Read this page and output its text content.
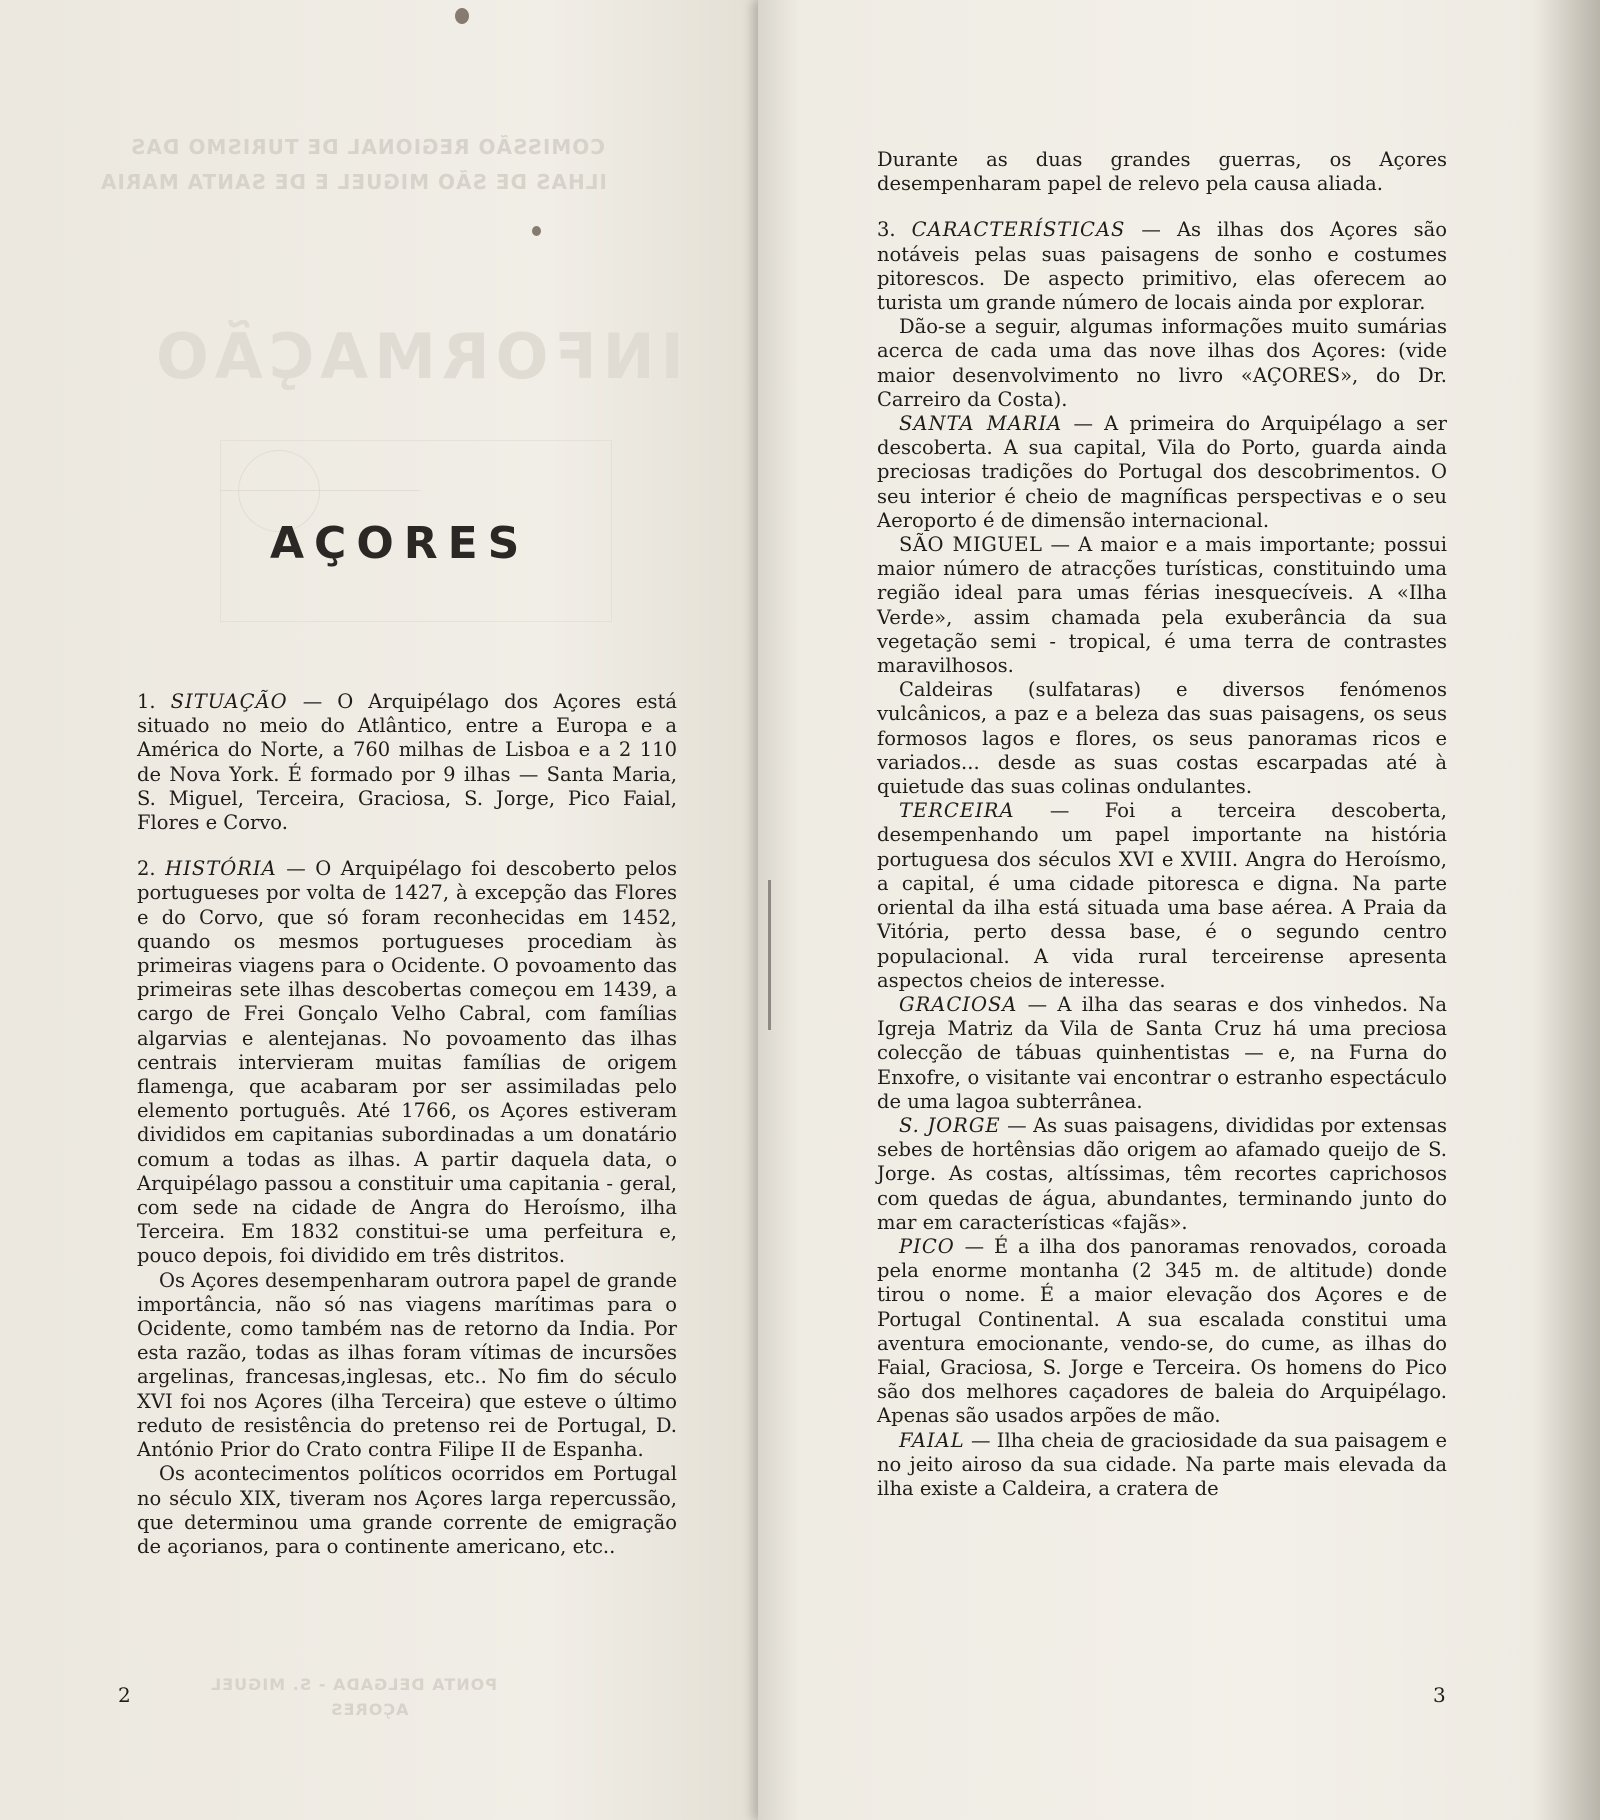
COMISSÃO REGIONAL DE TURISMO DAS
ILHAS DE SÃO MIGUEL E DE SANTA MARIA
INFORMAÇÃO
PONTA DELGADA - S. MIGUEL
AÇORES
AÇORES

1. SITUAÇÃO — O Arquipélago dos Açores está situado no meio do Atlântico, entre a Europa e a América do Norte, a 760 milhas de Lisboa e a 2 110 de Nova York. É formado por 9 ilhas — Santa Maria, S. Miguel, Terceira, Graciosa, S. Jorge, Pico Faial, Flores e Corvo.

2. HISTÓRIA — O Arquipélago foi descoberto pelos portugueses por volta de 1427, à excepção das Flores e do Corvo, que só foram reconhecidas em 1452, quando os mesmos portugueses procediam às primeiras viagens para o Ocidente. O povoamento das primeiras sete ilhas descobertas começou em 1439, a cargo de Frei Gonçalo Velho Cabral, com famílias algarvias e alentejanas. No povoamento das ilhas centrais intervieram muitas famílias de origem flamenga, que acabaram por ser assimiladas pelo elemento português. Até 1766, os Açores estiveram divididos em capitanias subordinadas a um donatário comum a todas as ilhas. A partir daquela data, o Arquipélago passou a constituir uma capitania - geral, com sede na cidade de Angra do Heroísmo, ilha Terceira. Em 1832 constitui-se uma perfeitura e, pouco depois, foi dividido em três distritos.

Os Açores desempenharam outrora papel de grande importância, não só nas viagens marítimas para o Ocidente, como também nas de retorno da India. Por esta razão, todas as ilhas foram vítimas de incursões argelinas, francesas,inglesas, etc.. No fim do século XVI foi nos Açores (ilha Terceira) que esteve o último reduto de resistência do pretenso rei de Portugal, D. António Prior do Crato contra Filipe II de Espanha.

Os acontecimentos políticos ocorridos em Portugal no século XIX, tiveram nos Açores larga repercussão, que determinou uma grande corrente de emigração de açorianos, para o continente americano, etc..

2

Durante as duas grandes guerras, os Açores desempenharam papel de relevo pela causa aliada.

3. CARACTERÍSTICAS — As ilhas dos Açores são notáveis pelas suas paisagens de sonho e costumes pitorescos. De aspecto primitivo, elas oferecem ao turista um grande número de locais ainda por explorar.

Dão-se a seguir, algumas informações muito sumárias acerca de cada uma das nove ilhas dos Açores: (vide maior desenvolvimento no livro «AÇORES», do Dr. Carreiro da Costa).

SANTA MARIA — A primeira do Arquipélago a ser descoberta. A sua capital, Vila do Porto, guarda ainda preciosas tradições do Portugal dos descobrimentos. O seu interior é cheio de magníficas perspectivas e o seu Aeroporto é de dimensão internacional.

SÃO MIGUEL — A maior e a mais importante; possui maior número de atracções turísticas, constituindo uma região ideal para umas férias inesquecíveis. A «Ilha Verde», assim chamada pela exuberância da sua vegetação semi - tropical, é uma terra de contrastes maravilhosos.

Caldeiras (sulfataras) e diversos fenómenos vulcânicos, a paz e a beleza das suas paisagens, os seus formosos lagos e flores, os seus panoramas ricos e variados... desde as suas costas escarpadas até à quietude das suas colinas ondulantes.

TERCEIRA — Foi a terceira descoberta, desempenhando um papel importante na história portuguesa dos séculos XVI e XVIII. Angra do Heroísmo, a capital, é uma cidade pitoresca e digna. Na parte oriental da ilha está situada uma base aérea. A Praia da Vitória, perto dessa base, é o segundo centro populacional. A vida rural terceirense apresenta aspectos cheios de interesse.

GRACIOSA — A ilha das searas e dos vinhedos. Na Igreja Matriz da Vila de Santa Cruz há uma preciosa colecção de tábuas quinhentistas — e, na Furna do Enxofre, o visitante vai encontrar o estranho espectáculo de uma lagoa subterrânea.

S. JORGE — As suas paisagens, divididas por extensas sebes de hortênsias dão origem ao afamado queijo de S. Jorge. As costas, altíssimas, têm recortes caprichosos com quedas de água, abundantes, terminando junto do mar em características «fajãs».

PICO — É a ilha dos panoramas renovados, coroada pela enorme montanha (2 345 m. de altitude) donde tirou o nome. É a maior elevação dos Açores e de Portugal Continental. A sua escalada constitui uma aventura emocionante, vendo-se, do cume, as ilhas do Faial, Graciosa, S. Jorge e Terceira. Os homens do Pico são dos melhores caçadores de baleia do Arquipélago. Apenas são usados arpões de mão.

FAIAL — Ilha cheia de graciosidade da sua paisagem e no jeito airoso da sua cidade. Na parte mais elevada da ilha existe a Caldeira, a cratera de

3
